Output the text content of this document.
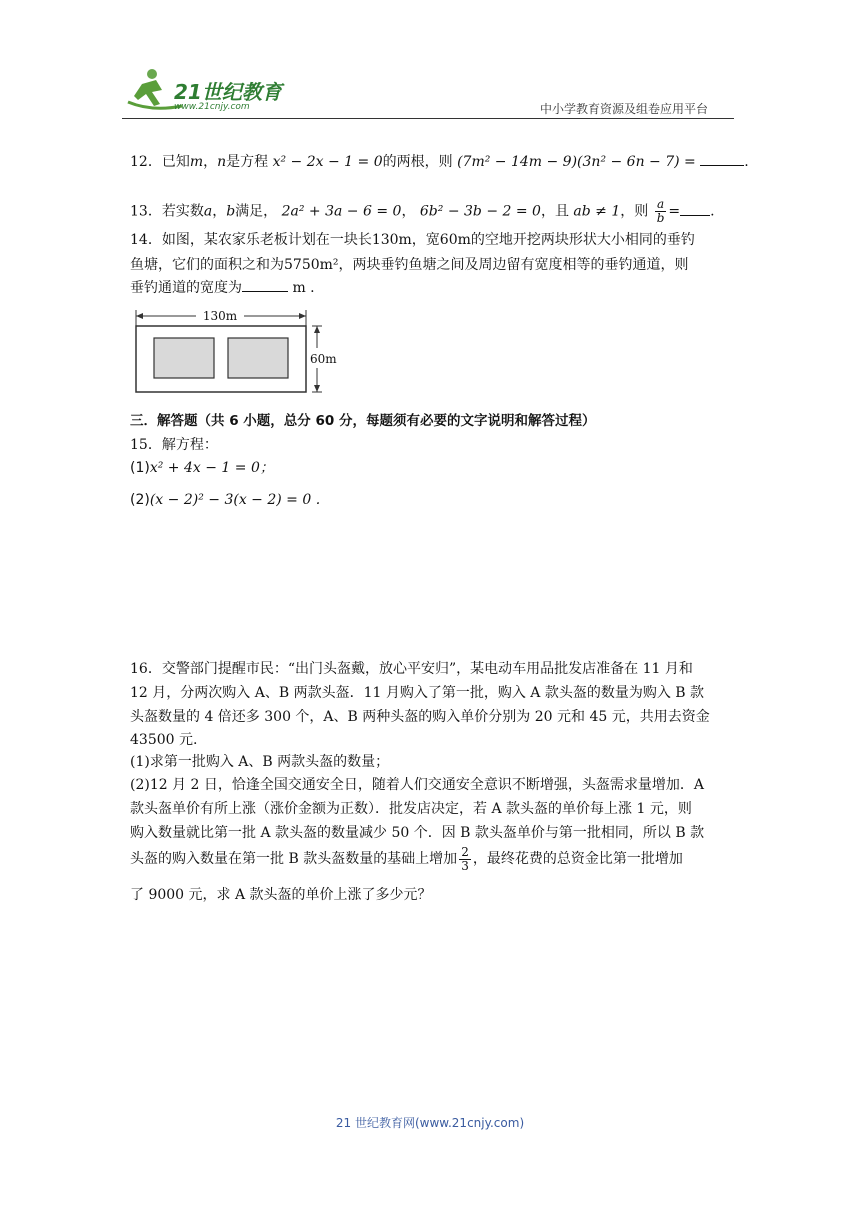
21世纪教育
www.21cnjy.com	中小学教育资源及组卷应用平台
12．已知m，n是方程 x² − 2x − 1 = 0的两根，则 (7m² − 14m − 9)(3n² − 6n − 7) =	.
13．若实数a，b满足， 2a² + 3a − 6 = 0， 6b² − 3b − 2 = 0，且 ab ≠ 1，则 $\frac{a}{b}$ = .
14．如图，某农家乐老板计划在一块长130m，宽60m的空地开挖两块形状大小相同的垂钓
鱼塘，它们的面积之和为5750m²，两块垂钓鱼塘之间及周边留有宽度相等的垂钓通道，则
垂钓通道的宽度为	m .
130m
60m
三．解答题（共 6 小题，总分 60 分，每题须有必要的文字说明和解答过程）
15．解方程：
(1)x² + 4x − 1 = 0；
(2)(x − 2)² − 3(x − 2) = 0 .
16．交警部门提醒市民：“出门头盔戴，放心平安归”，某电动车用品批发店准备在 11 月和
12 月，分两次购入 A、B 两款头盔．11 月购入了第一批，购入 A 款头盔的数量为购入 B 款
头盔数量的 4 倍还多 300 个，A、B 两种头盔的购入单价分别为 20 元和 45 元，共用去资金
43500 元.
(1)求第一批购入 A、B 两款头盔的数量；
(2)12 月 2 日，恰逢全国交通安全日，随着人们交通安全意识不断增强，头盔需求量增加．A
款头盔单价有所上涨（涨价金额为正数）．批发店决定，若 A 款头盔的单价每上涨 1 元，则
购入数量就比第一批 A 款头盔的数量减少 50 个．因 B 款头盔单价与第一批相同，所以 B 款
头盔的购入数量在第一批 B 款头盔数量的基础上增加 $\frac{2}{3}$ ，最终花费的总资金比第一批增加
了 9000 元，求 A 款头盔的单价上涨了多少元？
21 世纪教育网(www.21cnjy.com)
